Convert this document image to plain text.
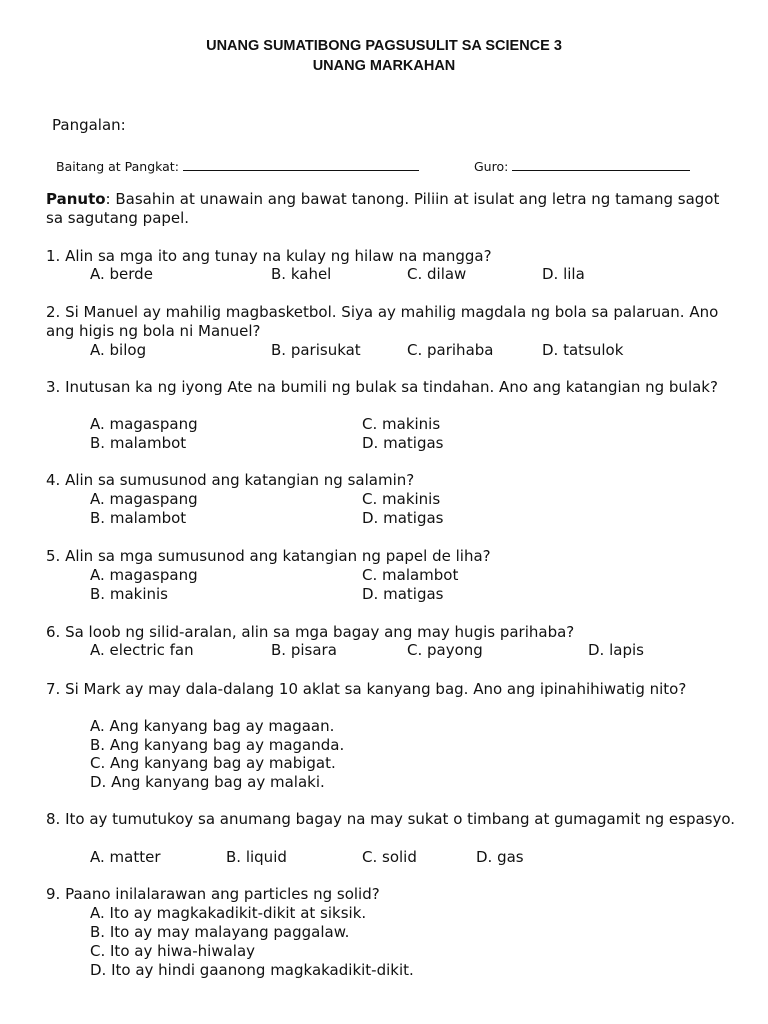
UNANG SUMATIBONG PAGSUSULIT SA SCIENCE 3
UNANG MARKAHAN
Pangalan:
Baitang at Pangkat:	Guro:
Panuto: Basahin at unawain ang bawat tanong. Piliin at isulat ang letra ng tamang sagot sa sagutang papel.
1. Alin sa mga ito ang tunay na kulay ng hilaw na mangga?
A. berde	B. kahel	C. dilaw	D. lila
2. Si Manuel ay mahilig magbasketbol. Siya ay mahilig magdala ng bola sa palaruan. Ano ang higis ng bola ni Manuel?
A. bilog	B. parisukat	C. parihaba	D. tatsulok
3. Inutusan ka ng iyong Ate na bumili ng bulak sa tindahan. Ano ang katangian ng bulak?
A. magaspang	C. makinis
B. malambot	D. matigas
4. Alin sa sumusunod ang katangian ng salamin?
A. magaspang	C. makinis
B. malambot	D. matigas
5. Alin sa mga sumusunod ang katangian ng papel de liha?
A. magaspang	C. malambot
B. makinis	D. matigas
6. Sa loob ng silid-aralan, alin sa mga bagay ang may hugis parihaba?
A. electric fan	B. pisara	C. payong	D. lapis
7. Si Mark ay may dala-dalang 10 aklat sa kanyang bag. Ano ang ipinahihiwatig nito?
A. Ang kanyang bag ay magaan.
B. Ang kanyang bag ay maganda.
C. Ang kanyang bag ay mabigat.
D. Ang kanyang bag ay malaki.
8. Ito ay tumutukoy sa anumang bagay na may sukat o timbang at gumagamit ng espasyo.
A. matter	B. liquid	C. solid	D. gas
9. Paano inilalarawan ang particles ng solid?
A. Ito ay magkakadikit-dikit at siksik.
B. Ito ay may malayang paggalaw.
C. Ito ay hiwa-hiwalay
D. Ito ay hindi gaanong magkakadikit-dikit.
